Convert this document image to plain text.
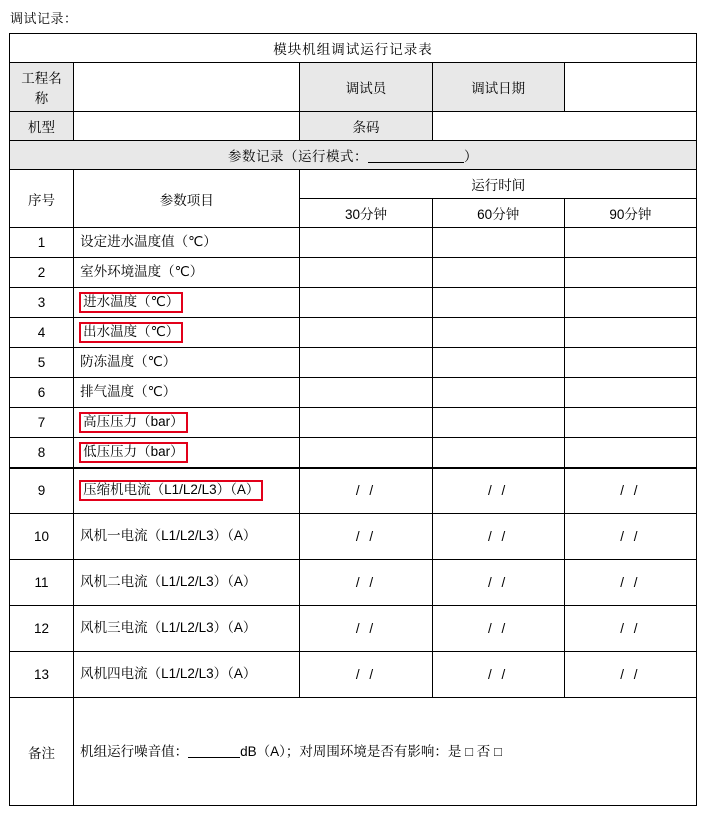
调试记录：
模块机组调试运行记录表				
工程名称		调试员	调试日期	
机型		条码		
参数记录（运行模式： ）				
序号	参数项目	运行时间		
		30分钟	60分钟	90分钟
1	设定进水温度值（℃）			
2	室外环境温度（℃）			
3	进水温度（℃）			
4	出水温度（℃）			
5	防冻温度（℃）			
6	排气温度（℃）			
7	高压压力（bar）			
8	低压压力（bar）			
9	压缩机电流（L1/L2/L3）（A）	/ /	/ /	/ /
10	风机一电流（L1/L2/L3）（A）	/ /	/ /	/ /
11	风机二电流（L1/L2/L3）（A）	/ /	/ /	/ /
12	风机三电流（L1/L2/L3）（A）	/ /	/ /	/ /
13	风机四电流（L1/L2/L3）（A）	/ /	/ /	/ /
备注	机组运行噪音值： dB（A）；对周围环境是否有影响：是 □ 否 □			
